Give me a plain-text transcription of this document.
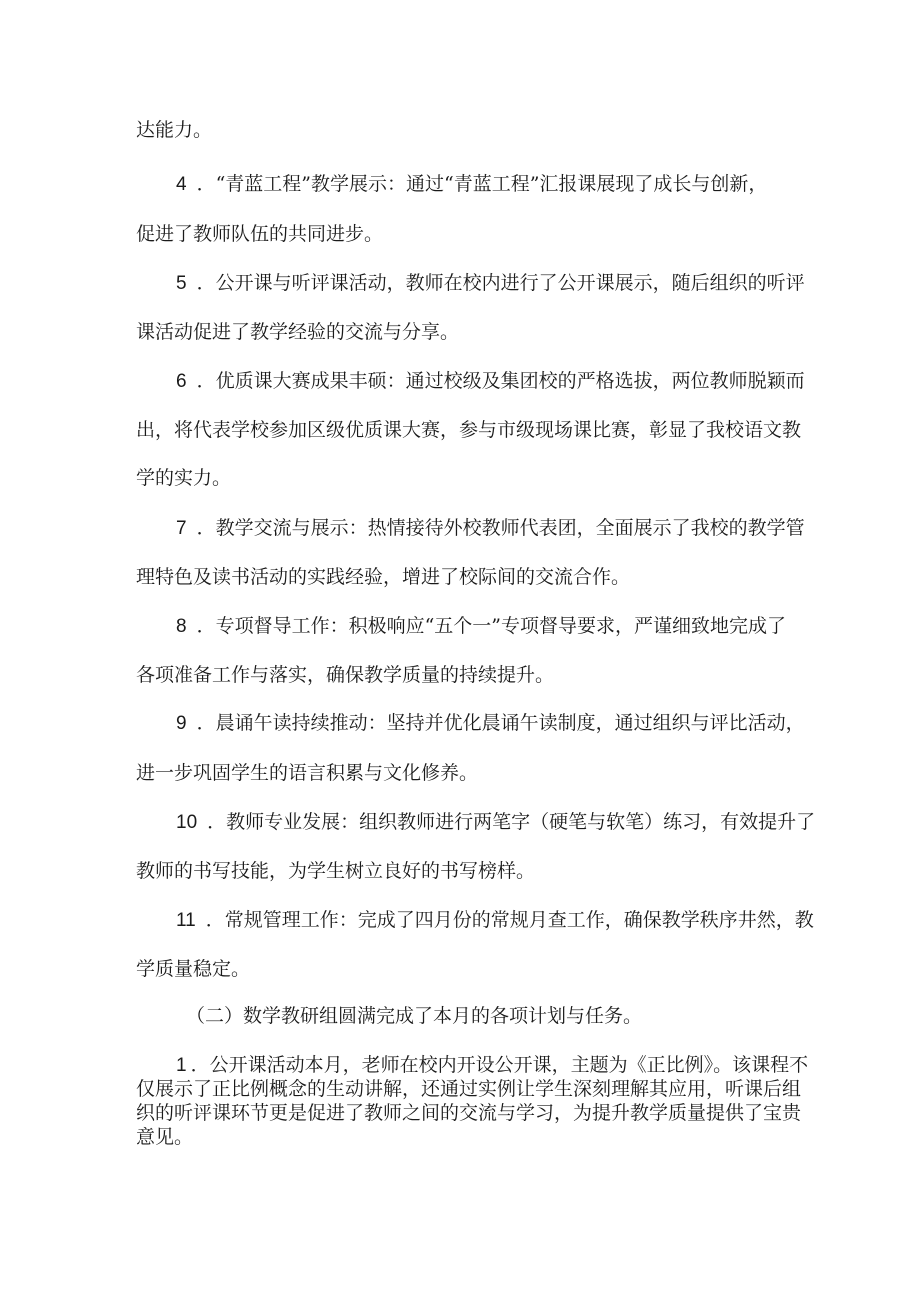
达能力。
4 ．“青蓝工程”教学展示：通过“青蓝工程”汇报课展现了成长与创新，
促进了教师队伍的共同进步。
5 ．公开课与听评课活动，教师在校内进行了公开课展示，随后组织的听评
课活动促进了教学经验的交流与分享。
6 ．优质课大赛成果丰硕：通过校级及集团校的严格选拔，两位教师脱颖而
出，将代表学校参加区级优质课大赛，参与市级现场课比赛，彰显了我校语文教
学的实力。
7 ．教学交流与展示：热情接待外校教师代表团，全面展示了我校的教学管
理特色及读书活动的实践经验，增进了校际间的交流合作。
8 ．专项督导工作：积极响应“五个一”专项督导要求，严谨细致地完成了
各项准备工作与落实，确保教学质量的持续提升。
9 ．晨诵午读持续推动：坚持并优化晨诵午读制度，通过组织与评比活动，
进一步巩固学生的语言积累与文化修养。
10 ．教师专业发展：组织教师进行两笔字（硬笔与软笔）练习，有效提升了
教师的书写技能，为学生树立良好的书写榜样。
11 ．常规管理工作：完成了四月份的常规月查工作，确保教学秩序井然，教
学质量稳定。
（二）数学教研组圆满完成了本月的各项计划与任务。
1 ．公开课活动本月，老师在校内开设公开课，主题为《正比例》。该课程不
仅展示了正比例概念的生动讲解，还通过实例让学生深刻理解其应用，听课后组
织的听评课环节更是促进了教师之间的交流与学习，为提升教学质量提供了宝贵
意见。
